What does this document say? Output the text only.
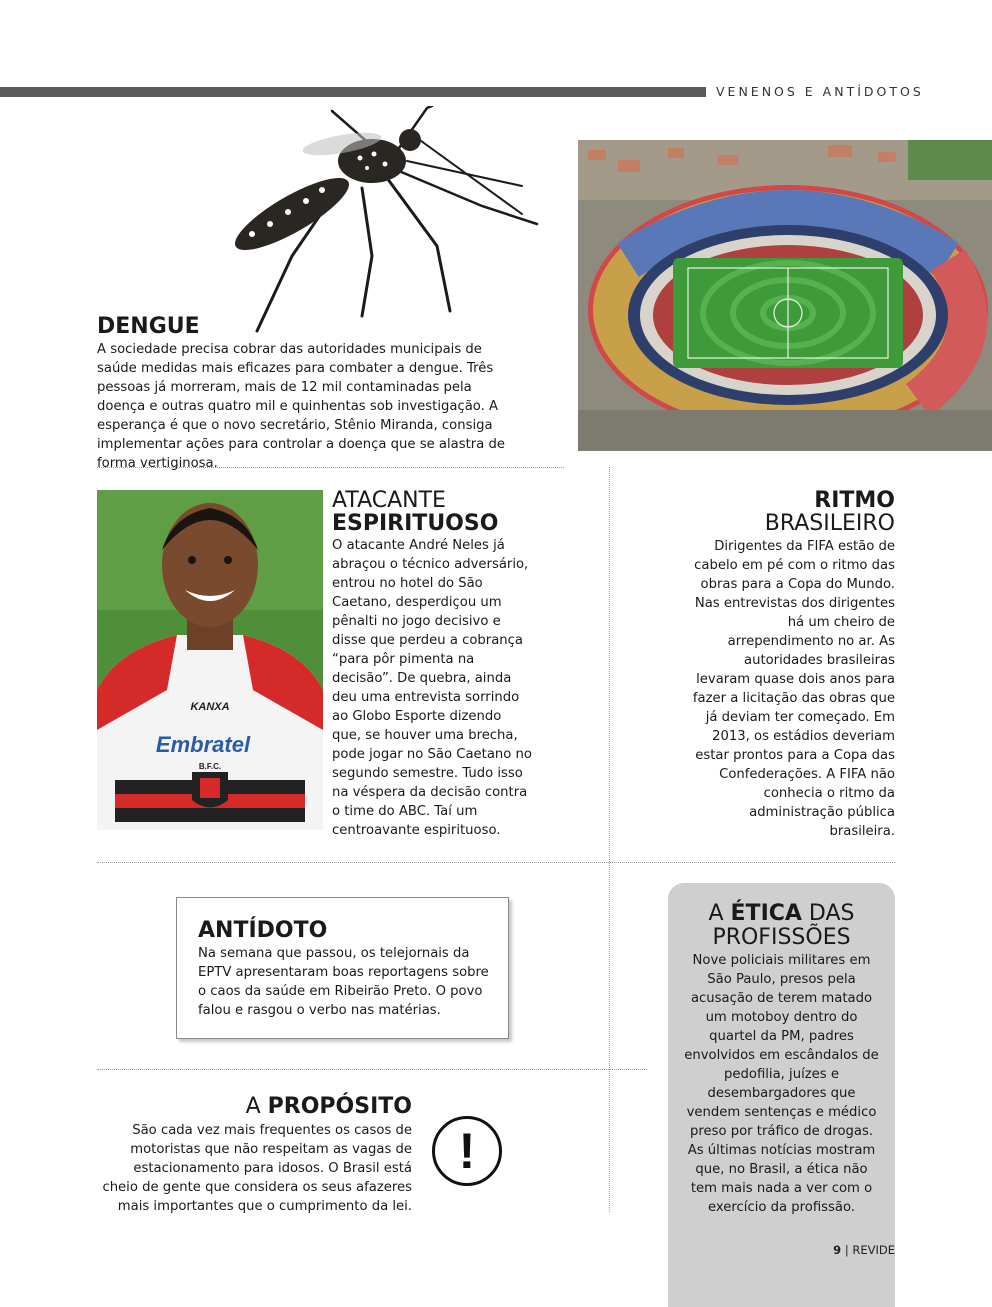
VENENOS E ANTÍDOTOS
DENGUE
A sociedade precisa cobrar das autoridades municipais de saúde medidas mais eficazes para combater a dengue. Três pessoas já morreram, mais de 12 mil contaminadas pela doença e outras quatro mil e quinhentas sob investigação. A esperança é que o novo secretário, Stênio Miranda, consiga implementar ações para controlar a doença que se alastra de forma vertiginosa.
B.F.C.
KANXA
Embratel
ATACANTE
ESPIRITUOSO
O atacante André Neles já abraçou o técnico adversário, entrou no hotel do São Caetano, desperdiçou um pênalti no jogo decisivo e disse que perdeu a cobrança “para pôr pimenta na decisão”. De quebra, ainda deu uma entrevista sorrindo ao Globo Esporte dizendo que, se houver uma brecha, pode jogar no São Caetano no segundo semestre. Tudo isso na véspera da decisão contra o time do ABC. Taí um centroavante espirituoso.
RITMO
BRASILEIRO
Dirigentes da FIFA estão de cabelo em pé com o ritmo das obras para a Copa do Mundo. Nas entrevistas dos dirigentes há um cheiro de arrependimento no ar. As autoridades brasileiras levaram quase dois anos para fazer a licitação das obras que já deviam ter começado. Em 2013, os estádios deveriam estar prontos para a Copa das Confederações. A FIFA não conhecia o ritmo da administração pública brasileira.
ANTÍDOTO
Na semana que passou, os telejornais da EPTV apresentaram boas reportagens sobre o caos da saúde em Ribeirão Preto. O povo falou e rasgou o verbo nas matérias.
A PROPÓSITO
São cada vez mais frequentes os casos de motoristas que não respeitam as vagas de estacionamento para idosos. O Brasil está cheio de gente que considera os seus afazeres mais importantes que o cumprimento da lei.
!
A ÉTICA DAS
PROFISSÕES
Nove policiais militares em São Paulo, presos pela acusação de terem matado um motoboy dentro do quartel da PM, padres envolvidos em escândalos de pedofilia, juízes e desembargadores que vendem sentenças e médico preso por tráfico de drogas. As últimas notícias mostram que, no Brasil, a ética não tem mais nada a ver com o exercício da profissão.
9 | REVIDE
